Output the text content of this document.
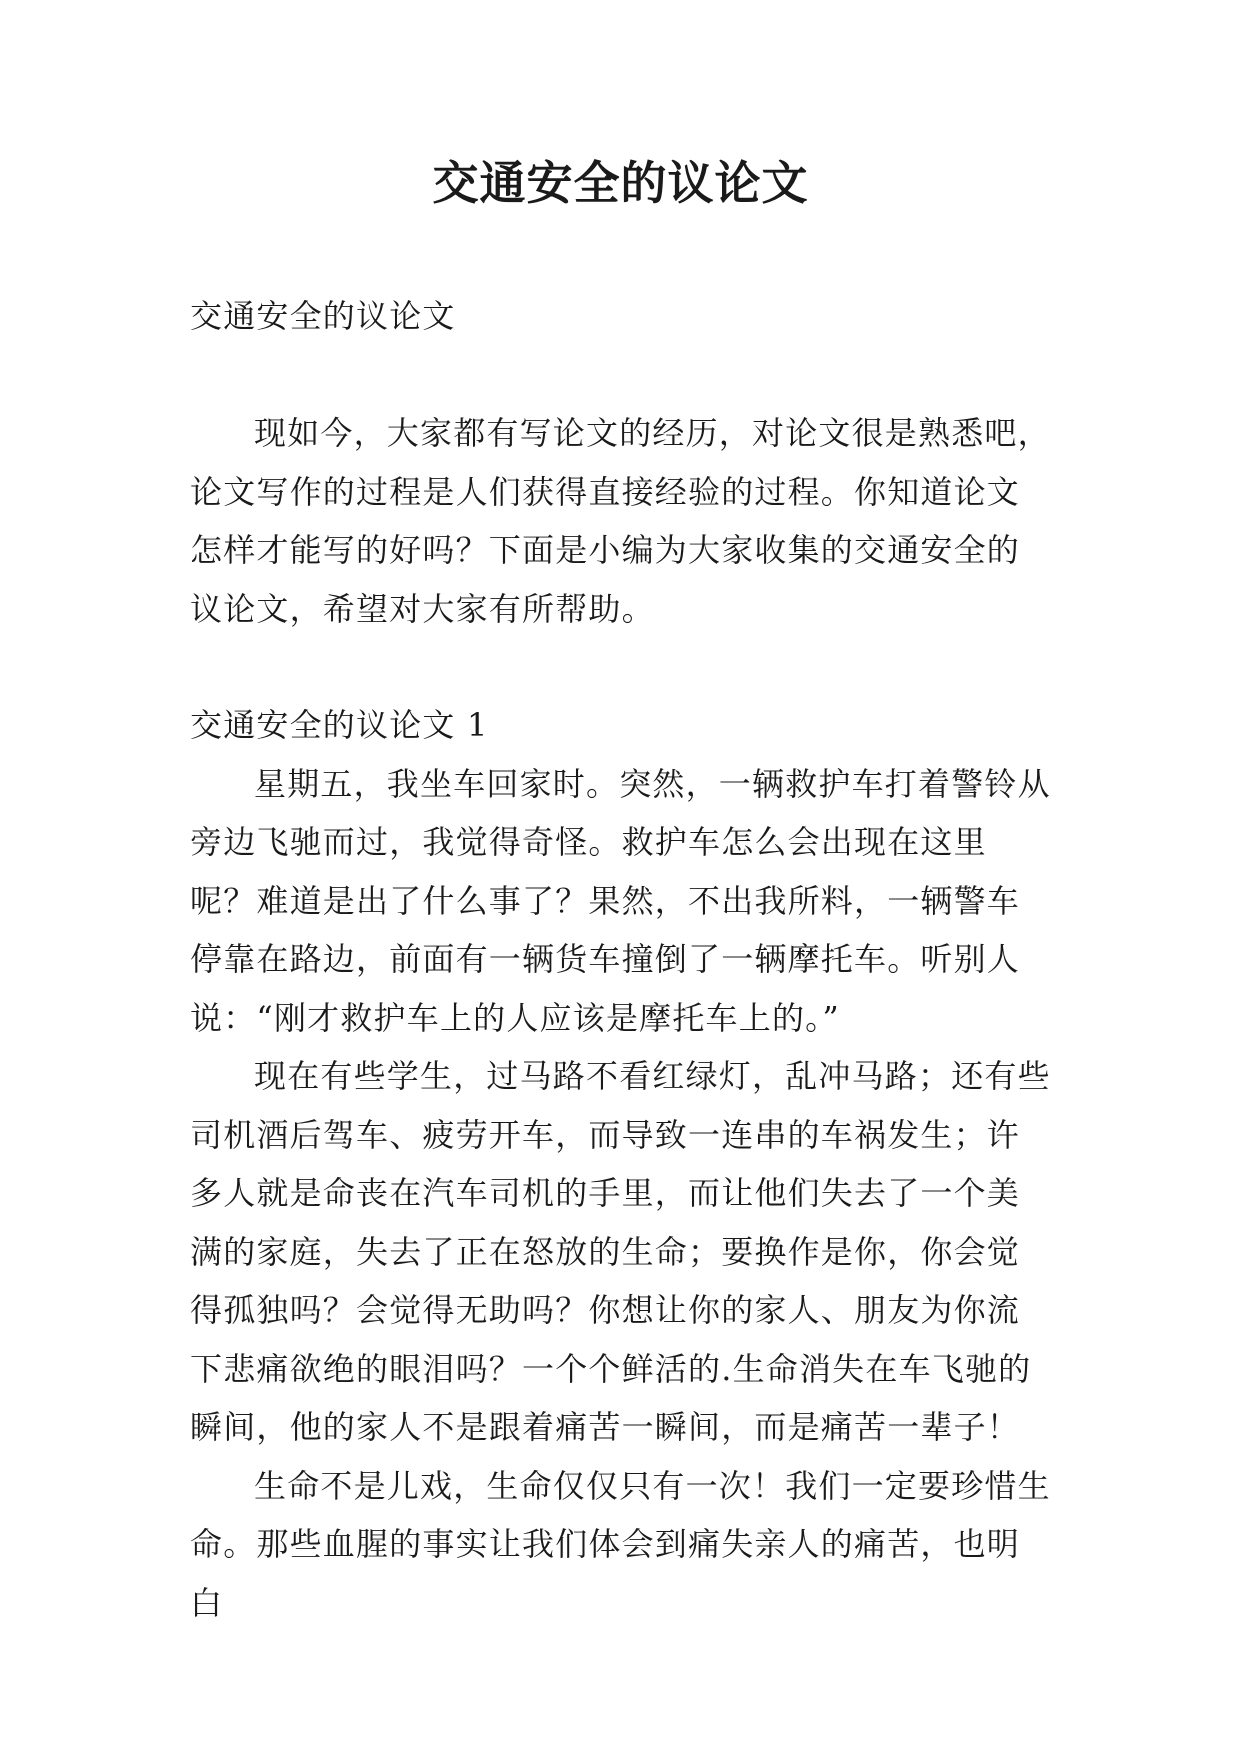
交通安全的议论文

交通安全的议论文

现如今，大家都有写论文的经历，对论文很是熟悉吧，论文写作的过程是人们获得直接经验的过程。你知道论文怎样才能写的好吗？下面是小编为大家收集的交通安全的议论文，希望对大家有所帮助。

交通安全的议论文 1

星期五，我坐车回家时。突然，一辆救护车打着警铃从旁边飞驰而过，我觉得奇怪。救护车怎么会出现在这里呢？难道是出了什么事了？果然，不出我所料，一辆警车停靠在路边，前面有一辆货车撞倒了一辆摩托车。听别人说：“刚才救护车上的人应该是摩托车上的。”

现在有些学生，过马路不看红绿灯，乱冲马路；还有些司机酒后驾车、疲劳开车，而导致一连串的车祸发生；许多人就是命丧在汽车司机的手里，而让他们失去了一个美满的家庭，失去了正在怒放的生命；要换作是你，你会觉得孤独吗？会觉得无助吗？你想让你的家人、朋友为你流下悲痛欲绝的眼泪吗？一个个鲜活的.生命消失在车飞驰的瞬间，他的家人不是跟着痛苦一瞬间，而是痛苦一辈子！

生命不是儿戏，生命仅仅只有一次！我们一定要珍惜生命。那些血腥的事实让我们体会到痛失亲人的痛苦，也明白
